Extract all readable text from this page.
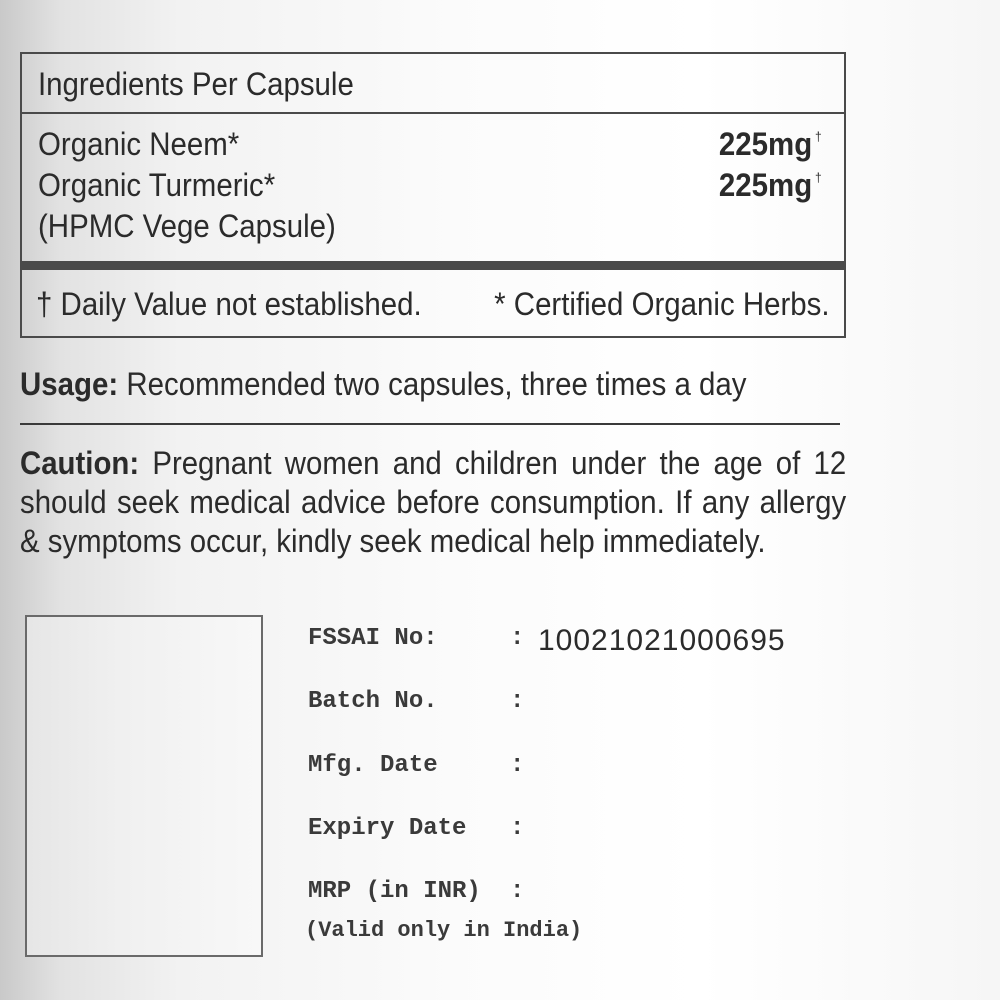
Ingredients Per Capsule
Organic Neem*	225mg †
Organic Turmeric*	225mg †
(HPMC Vege Capsule)
† Daily Value not established. * Certified Organic Herbs.
Usage: Recommended two capsules, three times a day
Caution: Pregnant women and children under the age of 12 should seek medical advice before consumption. If any allergy & symptoms occur, kindly seek medical help immediately.
FSSAI No:	: 10021021000695
Batch No.	:
Mfg. Date	:
Expiry Date :
MRP (in INR) :
(Valid only in India)
